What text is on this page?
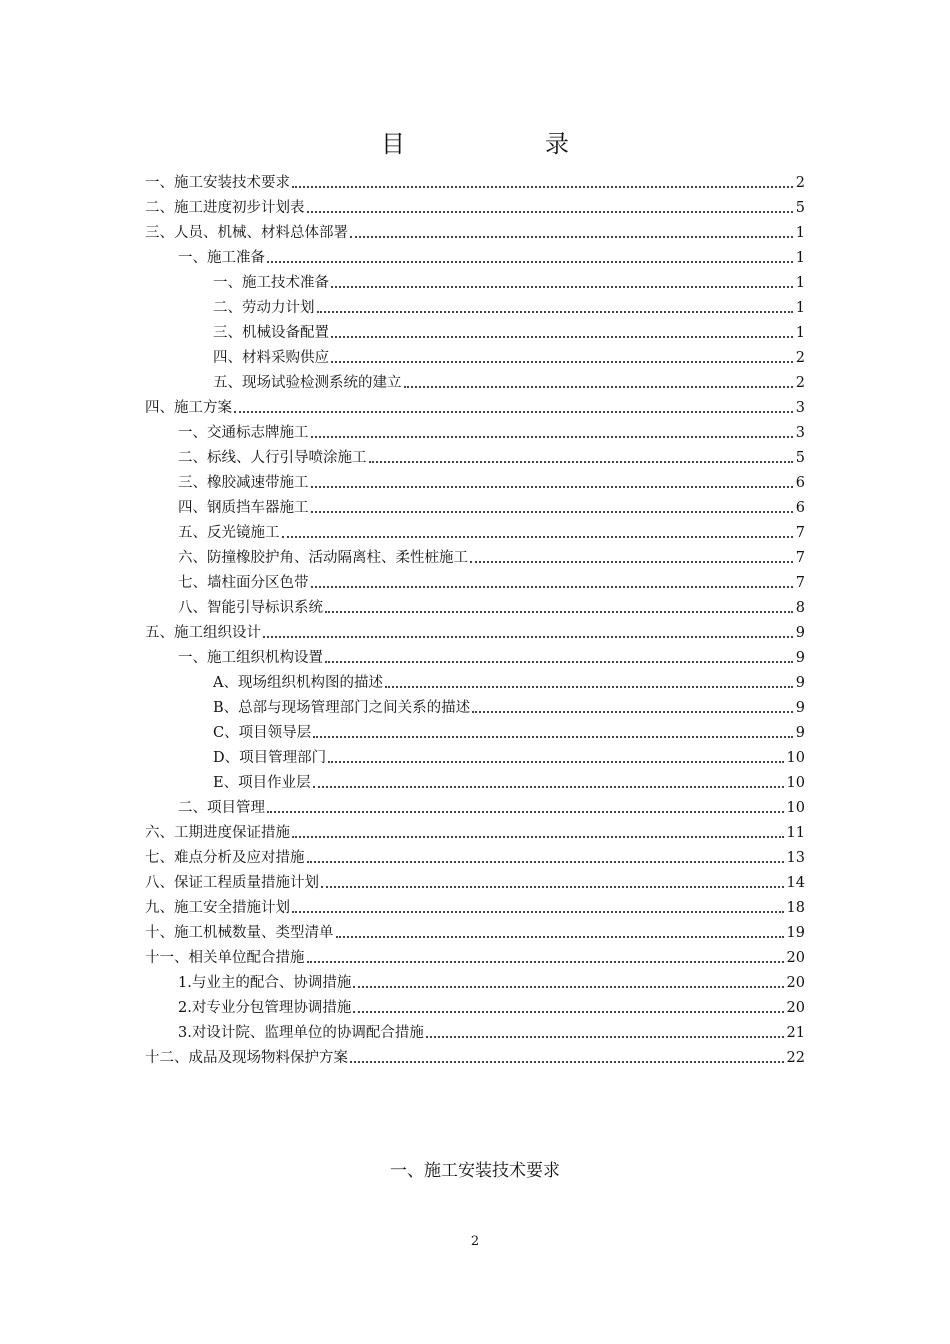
目	录
一、施工安装技术要求	2
二、施工进度初步计划表	5
三、人员、机械、材料总体部署	1
一、施工准备	1
一、施工技术准备	1
二、劳动力计划	1
三、机械设备配置	1
四、材料采购供应	2
五、现场试验检测系统的建立	2
四、施工方案	3
一、交通标志牌施工	3
二、标线、人行引导喷涂施工	5
三、橡胶减速带施工	6
四、钢质挡车器施工	6
五、反光镜施工	7
六、防撞橡胶护角、活动隔离柱、柔性桩施工	7
七、墙柱面分区色带	7
八、智能引导标识系统	8
五、施工组织设计	9
一、施工组织机构设置	9
A、现场组织机构图的描述	9
B、总部与现场管理部门之间关系的描述	9
C、项目领导层	9
D、项目管理部门	10
E、项目作业层	10
二、项目管理	10
六、工期进度保证措施	11
七、难点分析及应对措施	13
八、保证工程质量措施计划	14
九、施工安全措施计划	18
十、施工机械数量、类型清单	19
十一、相关单位配合措施	20
1.与业主的配合、协调措施	20
2.对专业分包管理协调措施	20
3.对设计院、监理单位的协调配合措施	21
十二、成品及现场物料保护方案	22
一、施工安装技术要求
2
